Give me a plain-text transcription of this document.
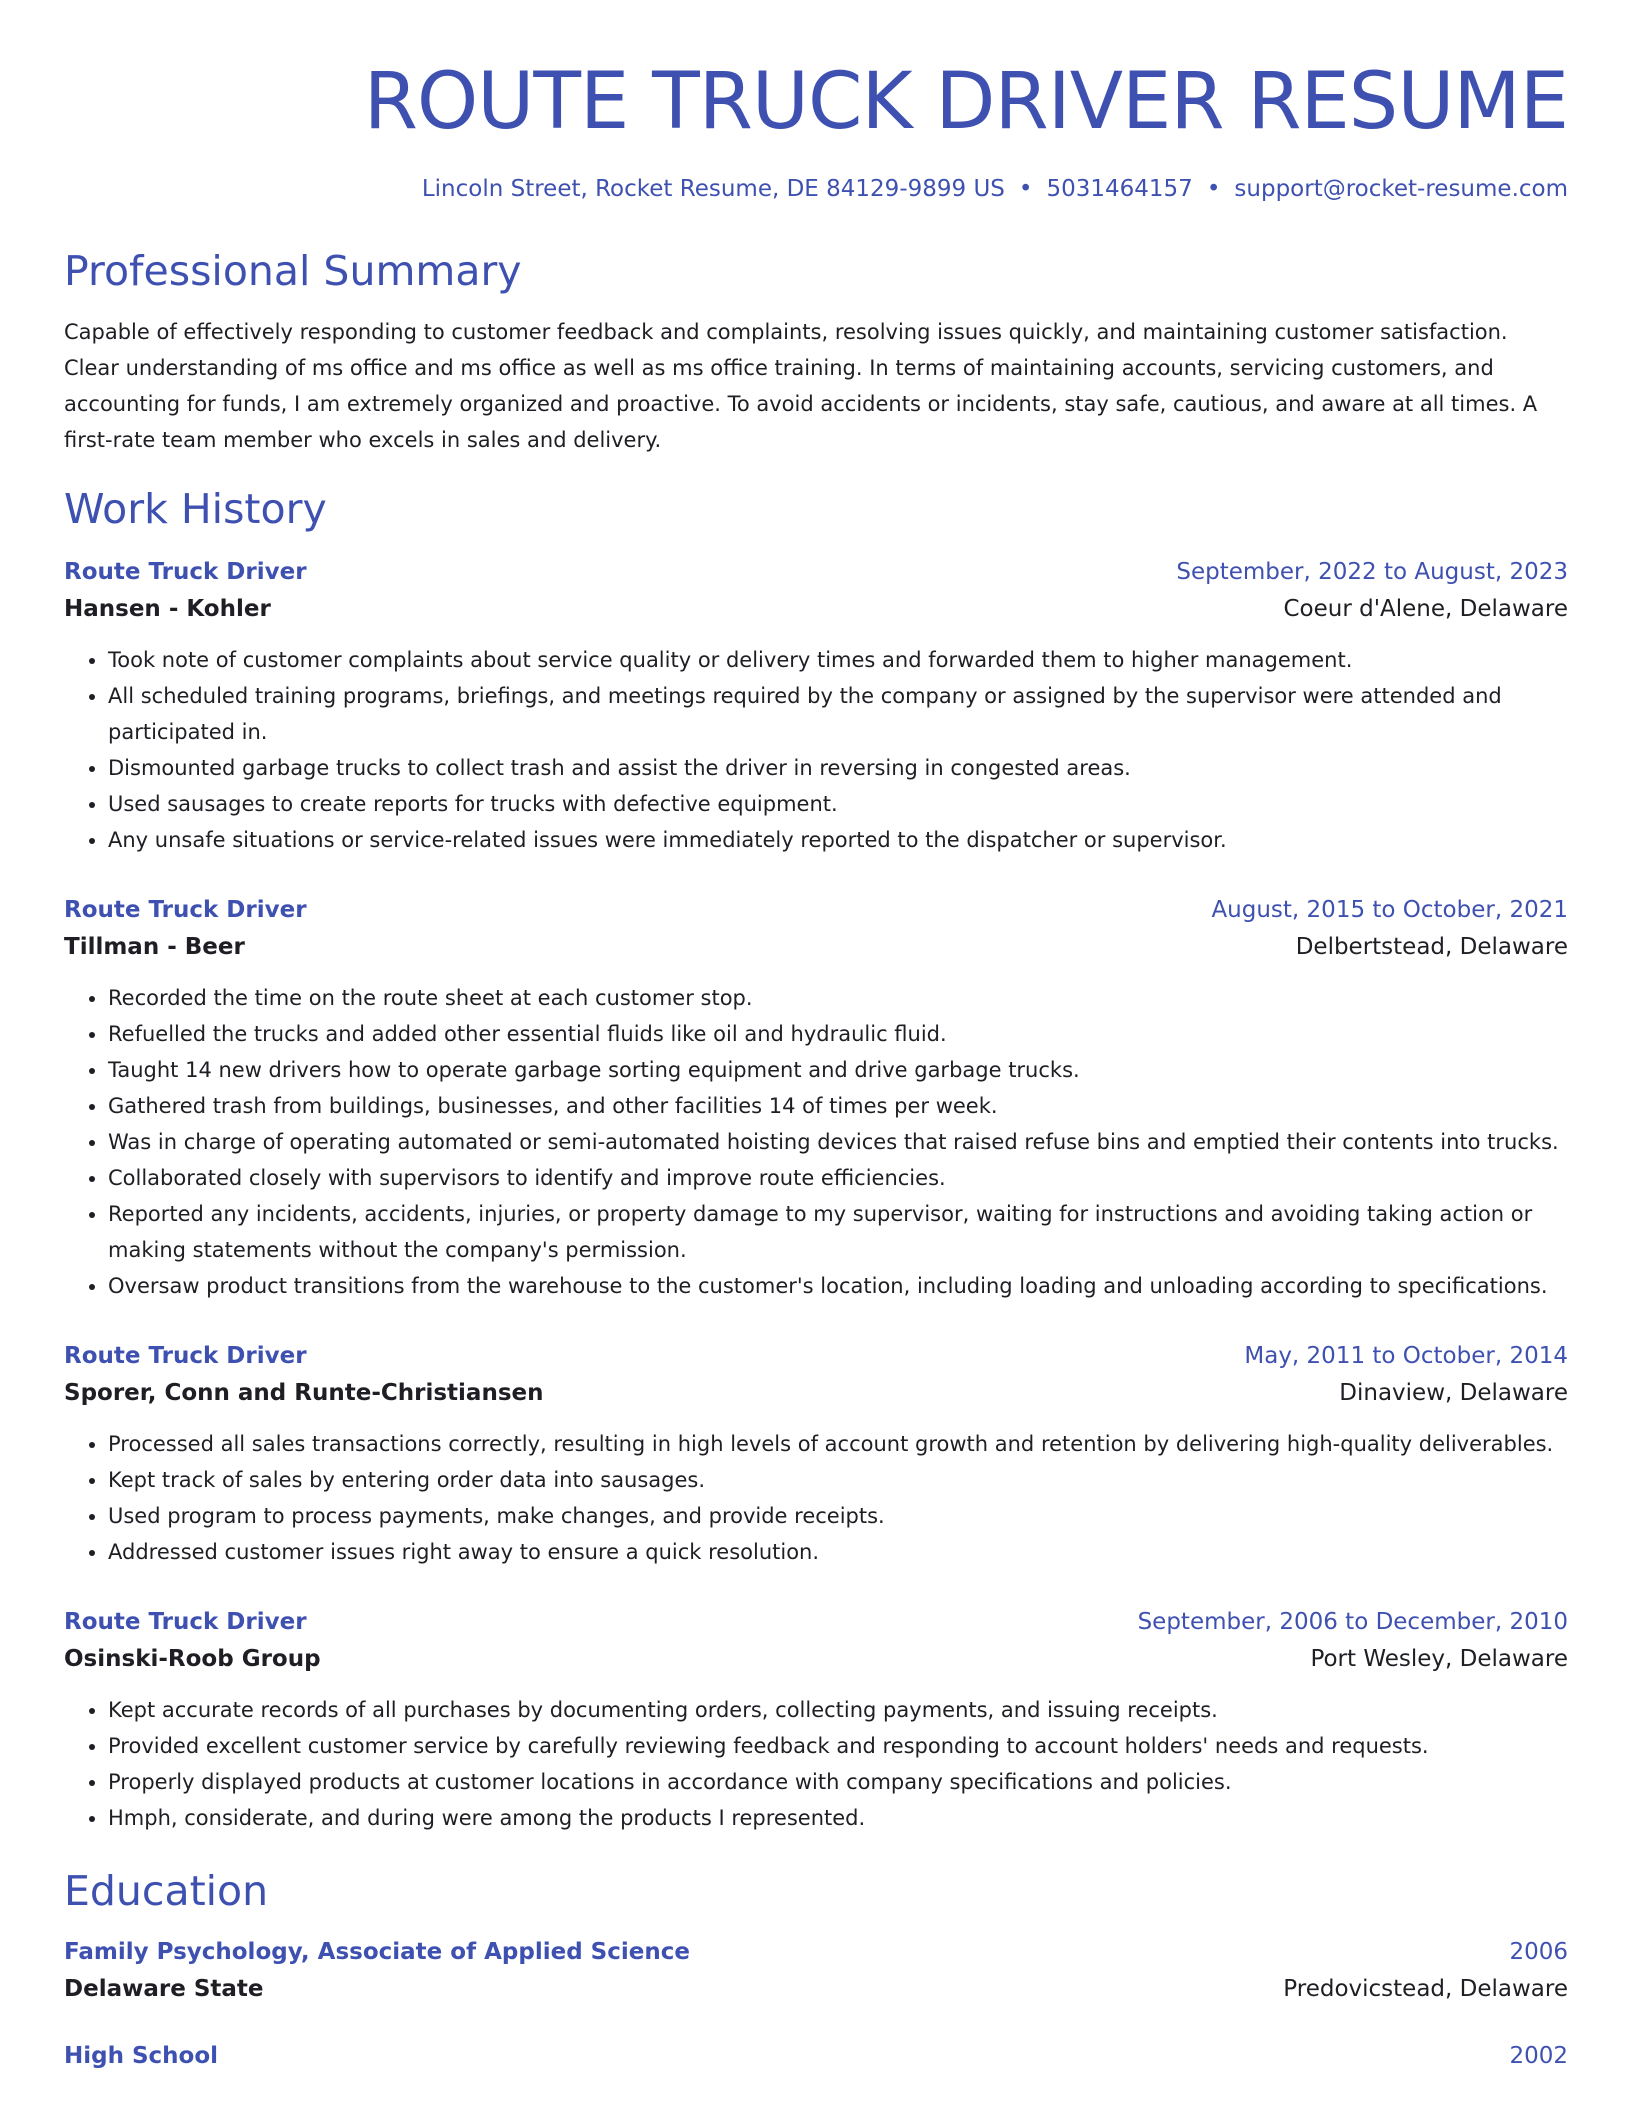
ROUTE TRUCK DRIVER RESUME
Lincoln Street, Rocket Resume, DE 84129-9899 US • 5031464157 • support@rocket-resume.com
Professional Summary

Capable of effectively responding to customer feedback and complaints, resolving issues quickly, and maintaining customer satisfaction. Clear understanding of ms office and ms office as well as ms office training. In terms of maintaining accounts, servicing customers, and accounting for funds, I am extremely organized and proactive. To avoid accidents or incidents, stay safe, cautious, and aware at all times. A first-rate team member who excels in sales and delivery.

Work History
Route Truck Driver	September, 2022 to August, 2023
Hansen - Kohler	Coeur d'Alene, Delaware
• Took note of customer complaints about service quality or delivery times and forwarded them to higher management.
• All scheduled training programs, briefings, and meetings required by the company or assigned by the supervisor were attended and participated in.
• Dismounted garbage trucks to collect trash and assist the driver in reversing in congested areas.
• Used sausages to create reports for trucks with defective equipment.
• Any unsafe situations or service-related issues were immediately reported to the dispatcher or supervisor.
Route Truck Driver	August, 2015 to October, 2021
Tillman - Beer	Delbertstead, Delaware
• Recorded the time on the route sheet at each customer stop.
• Refuelled the trucks and added other essential fluids like oil and hydraulic fluid.
• Taught 14 new drivers how to operate garbage sorting equipment and drive garbage trucks.
• Gathered trash from buildings, businesses, and other facilities 14 of times per week.
• Was in charge of operating automated or semi-automated hoisting devices that raised refuse bins and emptied their contents into trucks.
• Collaborated closely with supervisors to identify and improve route efficiencies.
• Reported any incidents, accidents, injuries, or property damage to my supervisor, waiting for instructions and avoiding taking action or making statements without the company's permission.
• Oversaw product transitions from the warehouse to the customer's location, including loading and unloading according to specifications.
Route Truck Driver	May, 2011 to October, 2014
Sporer, Conn and Runte-Christiansen	Dinaview, Delaware
• Processed all sales transactions correctly, resulting in high levels of account growth and retention by delivering high-quality deliverables.
• Kept track of sales by entering order data into sausages.
• Used program to process payments, make changes, and provide receipts.
• Addressed customer issues right away to ensure a quick resolution.
Route Truck Driver	September, 2006 to December, 2010
Osinski-Roob Group	Port Wesley, Delaware
• Kept accurate records of all purchases by documenting orders, collecting payments, and issuing receipts.
• Provided excellent customer service by carefully reviewing feedback and responding to account holders' needs and requests.
• Properly displayed products at customer locations in accordance with company specifications and policies.
• Hmph, considerate, and during were among the products I represented.
Education
Family Psychology, Associate of Applied Science	2006
Delaware State	Predovicstead, Delaware
High School	2002
